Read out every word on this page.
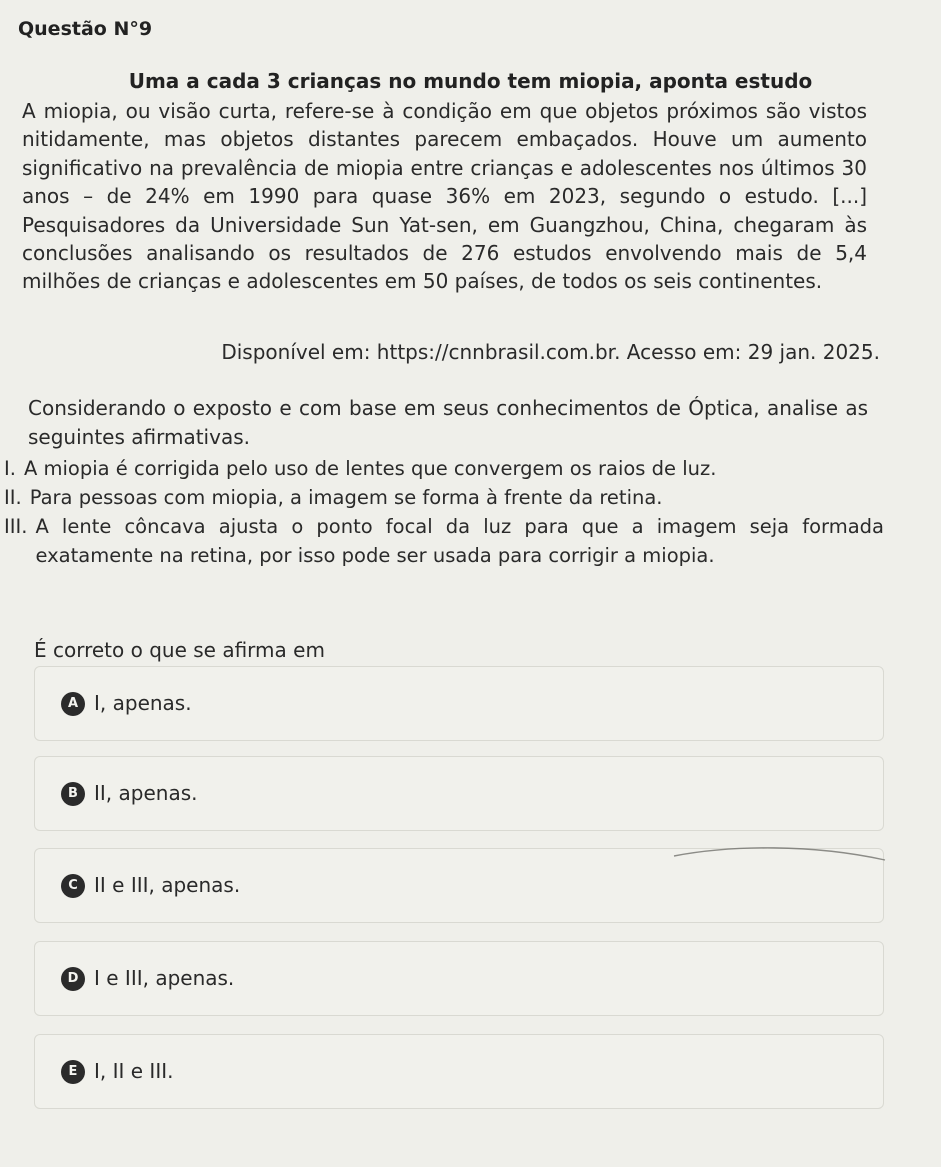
Questão N°9
Uma a cada 3 crianças no mundo tem miopia, aponta estudo
A miopia, ou visão curta, refere-se à condição em que objetos próximos são vistos nitidamente, mas objetos distantes parecem embaçados. Houve um aumento significativo na prevalência de miopia entre crianças e adolescentes nos últimos 30 anos – de 24% em 1990 para quase 36% em 2023, segundo o estudo. [...] Pesquisadores da Universidade Sun Yat-sen, em Guangzhou, China, chegaram às conclusões analisando os resultados de 276 estudos envolvendo mais de 5,4 milhões de crianças e adolescentes em 50 países, de todos os seis continentes.
Disponível em: https://cnnbrasil.com.br. Acesso em: 29 jan. 2025.
Considerando o exposto e com base em seus conhecimentos de Óptica, analise as seguintes afirmativas.
I. A miopia é corrigida pelo uso de lentes que convergem os raios de luz.
II. Para pessoas com miopia, a imagem se forma à frente da retina.
III. A lente côncava ajusta o ponto focal da luz para que a imagem seja formada exatamente na retina, por isso pode ser usada para corrigir a miopia.
É correto o que se afirma em
A I, apenas.
B II, apenas.
C II e III, apenas.
D I e III, apenas.
E I, II e III.
